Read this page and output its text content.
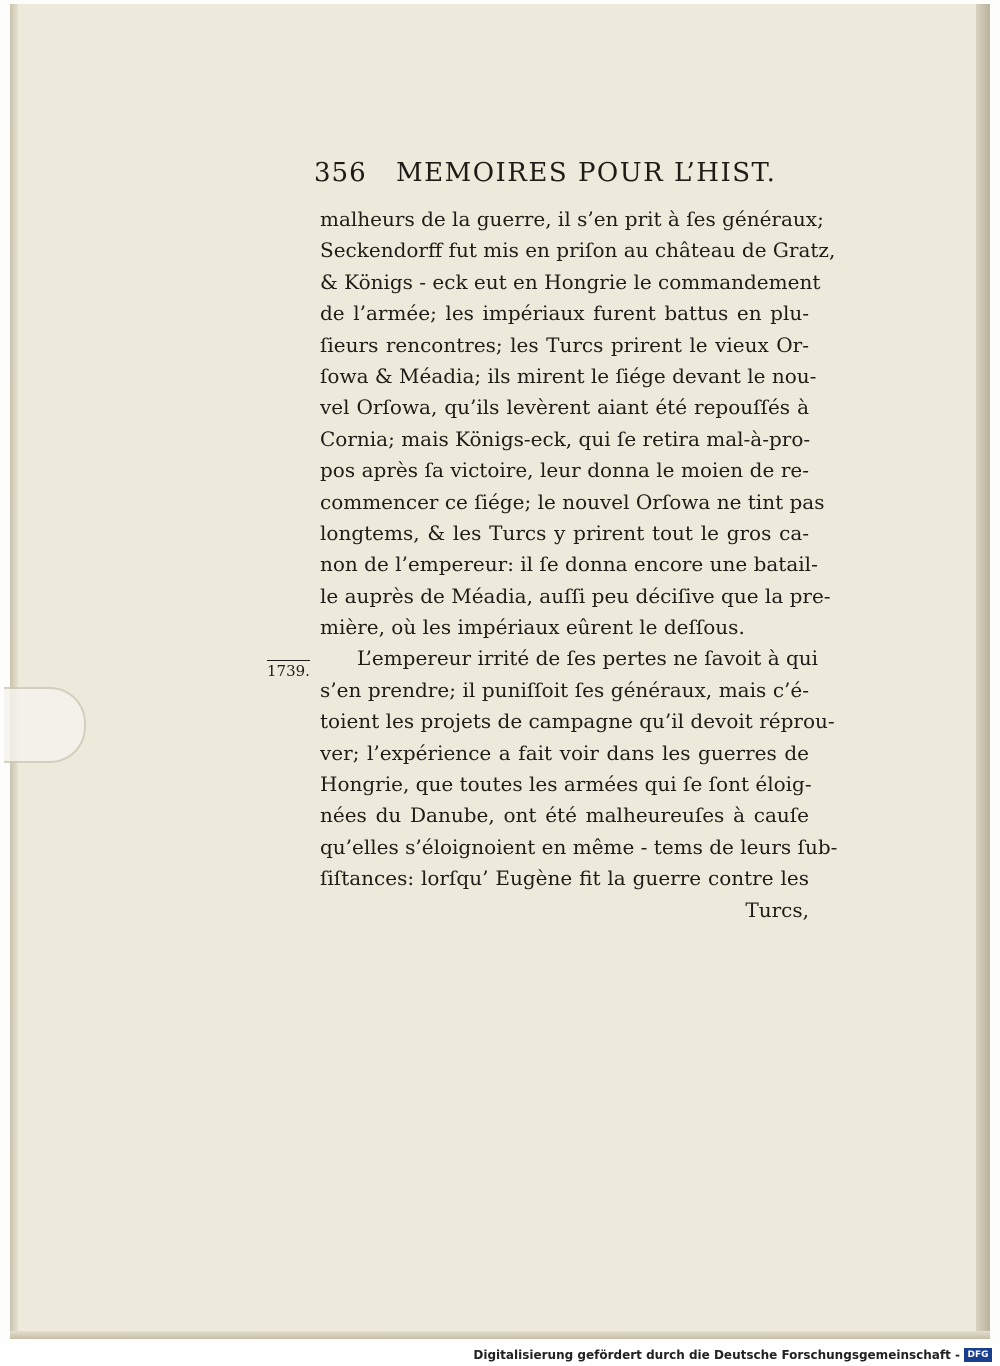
356 MEMOIRES POUR L’HIST.
1739.
malheurs de la guerre, il s’en prit à ſes généraux;
Seckendorff fut mis en priſon au château de Gratz,
& Königs - eck eut en Hongrie le commandement
de l’armée; les impériaux furent battus en plu-
ſieurs rencontres; les Turcs prirent le vieux Or-
ſowa & Méadia; ils mirent le ſiége devant le nou-
vel Orſowa, qu’ils levèrent aiant été repouſſés à
Cornia; mais Königs-eck, qui ſe retira mal-à-pro-
pos après ſa victoire, leur donna le moien de re-
commencer ce ſiége; le nouvel Orſowa ne tint pas
longtems, & les Turcs y prirent tout le gros ca-
non de l’empereur: il ſe donna encore une batail-
le auprès de Méadia, auſſi peu déciſive que la pre-
mière, où les impériaux eûrent le deſſous.
L’empereur irrité de ſes pertes ne ſavoit à qui
s’en prendre; il puniſſoit ſes généraux, mais c’é-
toient les projets de campagne qu’il devoit réprou-
ver; l’expérience a fait voir dans les guerres de
Hongrie, que toutes les armées qui ſe ſont éloig-
nées du Danube, ont été malheureuſes à cauſe
qu’elles s’éloignoient en même - tems de leurs ſub-
ſiſtances: lorſqu’ Eugène fit la guerre contre les
Turcs,
Digitalisierung gefördert durch die Deutsche Forschungsgemeinschaft - DFG
